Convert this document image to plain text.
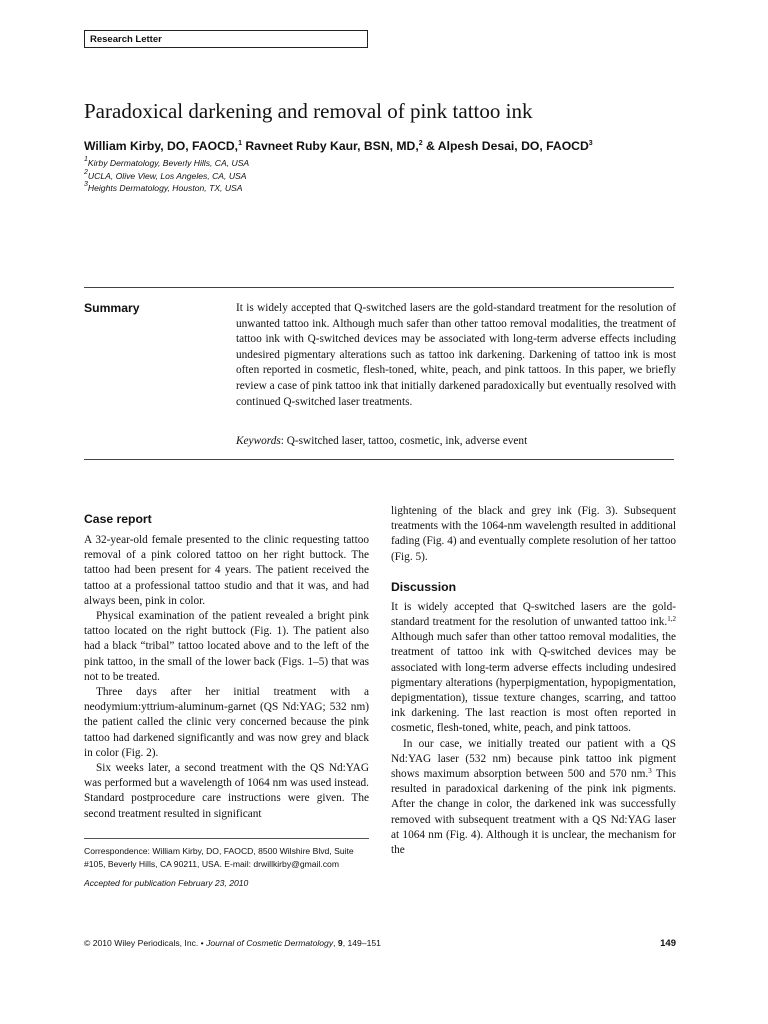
Research Letter
Paradoxical darkening and removal of pink tattoo ink
William Kirby, DO, FAOCD,$^1$ Ravneet Ruby Kaur, BSN, MD,$^2$ & Alpesh Desai, DO, FAOCD$^3$
$^1$Kirby Dermatology, Beverly Hills, CA, USA
$^2$UCLA, Olive View, Los Angeles, CA, USA
$^3$Heights Dermatology, Houston, TX, USA
Summary	It is widely accepted that Q-switched lasers are the gold-standard treatment for the resolution of unwanted tattoo ink. Although much safer than other tattoo removal modalities, the treatment of tattoo ink with Q-switched devices may be associated with long-term adverse effects including undesired pigmentary alterations such as tattoo ink darkening. Darkening of tattoo ink is most often reported in cosmetic, flesh-toned, white, peach, and pink tattoos. In this paper, we briefly review a case of pink tattoo ink that initially darkened paradoxically but eventually resolved with continued Q-switched laser treatments.

Keywords: Q-switched laser, tattoo, cosmetic, ink, adverse event
Case report

A 32-year-old female presented to the clinic requesting tattoo removal of a pink colored tattoo on her right buttock. The tattoo had been present for 4 years. The patient received the tattoo at a professional tattoo studio and that it was, and had always been, pink in color.

Physical examination of the patient revealed a bright pink tattoo located on the right buttock (Fig. 1). The patient also had a black “tribal” tattoo located above and to the left of the pink tattoo, in the small of the lower back (Figs. 1–5) that was not to be treated.

Three days after her initial treatment with a neodymium:yttrium-aluminum-garnet (QS Nd:YAG; 532 nm) the patient called the clinic very concerned because the pink tattoo had darkened significantly and was now grey and black in color (Fig. 2).

Six weeks later, a second treatment with the QS Nd:YAG was performed but a wavelength of 1064 nm was used instead. Standard postprocedure care instructions were given. The second treatment resulted in significant

Correspondence: William Kirby, DO, FAOCD, 8500 Wilshire Blvd, Suite #105, Beverly Hills, CA 90211, USA. E-mail: drwillkirby@gmail.com
Accepted for publication February 23, 2010

lightening of the black and grey ink (Fig. 3). Subsequent treatments with the 1064-nm wavelength resulted in additional fading (Fig. 4) and eventually complete resolution of her tattoo (Fig. 5).

Discussion

It is widely accepted that Q-switched lasers are the gold-standard treatment for the resolution of unwanted tattoo ink.$^{1,2}$ Although much safer than other tattoo removal modalities, the treatment of tattoo ink with Q-switched devices may be associated with long-term adverse effects including undesired pigmentary alterations (hyperpigmentation, hypopigmentation, depigmentation), tissue texture changes, scarring, and tattoo ink darkening. The last reaction is most often reported in cosmetic, flesh-toned, white, peach, and pink tattoos.

In our case, we initially treated our patient with a QS Nd:YAG laser (532 nm) because pink tattoo ink pigment shows maximum absorption between 500 and 570 nm.$^3$ This resulted in paradoxical darkening of the pink ink pigments. After the change in color, the darkened ink was successfully removed with subsequent treatment with a QS Nd:YAG laser at 1064 nm (Fig. 4). Although it is unclear, the mechanism for the

© 2010 Wiley Periodicals, Inc. • Journal of Cosmetic Dermatology, 9, 149–151	149
